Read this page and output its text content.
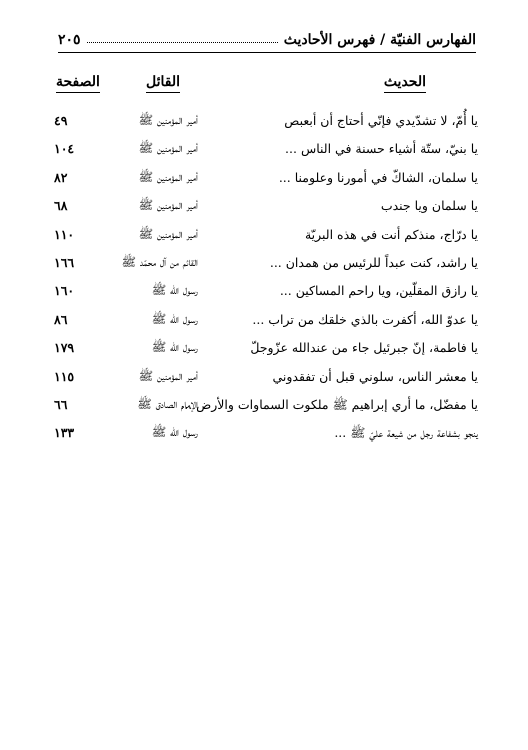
الفهارس الفنيّة / فهرس الأحاديث
٢٠٥
الحديث
القائل
الصفحة
يا أُمّ، لا تشدّيدي فإنّي أحتاج أن أبعبص
أمير المؤمنين ﷺ
٤٩
يا بنيّ، ستّة أشياء حسنة في الناس ...
أمير المؤمنين ﷺ
١٠٤
يا سلمان، الشاكّ في أمورنا وعلومنا ...
أمير المؤمنين ﷺ
٨٢
يا سلمان ويا جندب
أمير المؤمنين ﷺ
٦٨
يا درّاج، منذكم أنت في هذه البريّة
أمير المؤمنين ﷺ
١١٠
يا راشد، كنت عبداً للرئيس من همدان ...
القائم من آل محمّد ﷺ
١٦٦
يا رازق المقلّين، ويا راحم المساكين ...
رسول الله ﷺ
١٦٠
يا عدوّ الله، أكفرت بالذي خلقك من تراب ...
رسول الله ﷺ
٨٦
يا فاطمة، إنّ جبرئيل جاء من عندالله عزّوجلّ
رسول الله ﷺ
١٧٩
يا معشر الناس، سلوني قبل أن تفقدوني
أمير المؤمنين ﷺ
١١٥
يا مفضّل، ما أري إبراهيم ﷺ ملكوت السماوات والأرض ...
الإمام الصادق ﷺ
٦٦
ينجو بشفاعة رجل من شيعة عليّ ﷺ ...
رسول الله ﷺ
١٣٣
